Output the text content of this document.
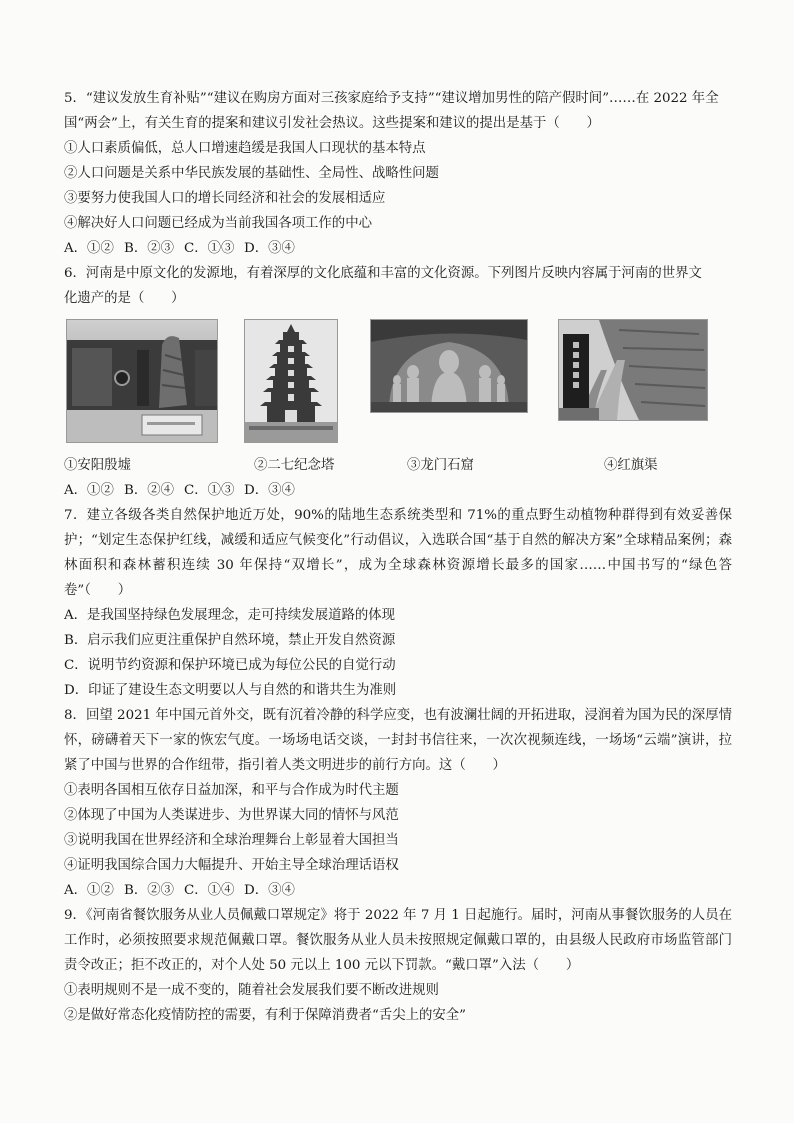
5．“建议发放生育补贴”“建议在购房方面对三孩家庭给予支持”“建议增加男性的陪产假时间”……在 2022 年全
国“两会”上，有关生育的提案和建议引发社会热议。这些提案和建议的提出是基于（　　）
①人口素质偏低，总人口增速趋缓是我国人口现状的基本特点
②人口问题是关系中华民族发展的基础性、全局性、战略性问题
③要努力使我国人口的增长同经济和社会的发展相适应
④解决好人口问题已经成为当前我国各项工作的中心
A．①② B．②③ C．①③ D．③④
6．河南是中原文化的发源地，有着深厚的文化底蕴和丰富的文化资源。下列图片反映内容属于河南的世界文
化遗产的是（　　）
①安阳殷墟	②二七纪念塔	③龙门石窟	④红旗渠
A．①② B．②④ C．①③ D．③④
7．建立各级各类自然保护地近万处，90%的陆地生态系统类型和 71%的重点野生动植物种群得到有效妥善保护；“划定生态保护红线，减缓和适应气候变化”行动倡议，入选联合国“基于自然的解决方案”全球精品案例；森林面积和森林蓄积连续 30 年保持“双增长”，成为全球森林资源增长最多的国家……中国书写的“绿色答卷”（　　）
A．是我国坚持绿色发展理念，走可持续发展道路的体现
B．启示我们应更注重保护自然环境，禁止开发自然资源
C．说明节约资源和保护环境已成为每位公民的自觉行动
D．印证了建设生态文明要以人与自然的和谐共生为准则
8．回望 2021 年中国元首外交，既有沉着冷静的科学应变，也有波澜壮阔的开拓进取，浸润着为国为民的深厚情怀，磅礴着天下一家的恢宏气度。一场场电话交谈，一封封书信往来，一次次视频连线，一场场“云端”演讲，拉紧了中国与世界的合作纽带，指引着人类文明进步的前行方向。这（　　）
①表明各国相互依存日益加深，和平与合作成为时代主题
②体现了中国为人类谋进步、为世界谋大同的情怀与风范
③说明我国在世界经济和全球治理舞台上彰显着大国担当
④证明我国综合国力大幅提升、开始主导全球治理话语权
A．①② B．②③ C．①④ D．③④
9．《河南省餐饮服务从业人员佩戴口罩规定》将于 2022 年 7 月 1 日起施行。届时，河南从事餐饮服务的人员在工作时，必须按照要求规范佩戴口罩。餐饮服务从业人员未按照规定佩戴口罩的，由县级人民政府市场监管部门责令改正；拒不改正的，对个人处 50 元以上 100 元以下罚款。“戴口罩”入法（　　）
①表明规则不是一成不变的，随着社会发展我们要不断改进规则
②是做好常态化疫情防控的需要，有利于保障消费者“舌尖上的安全”
